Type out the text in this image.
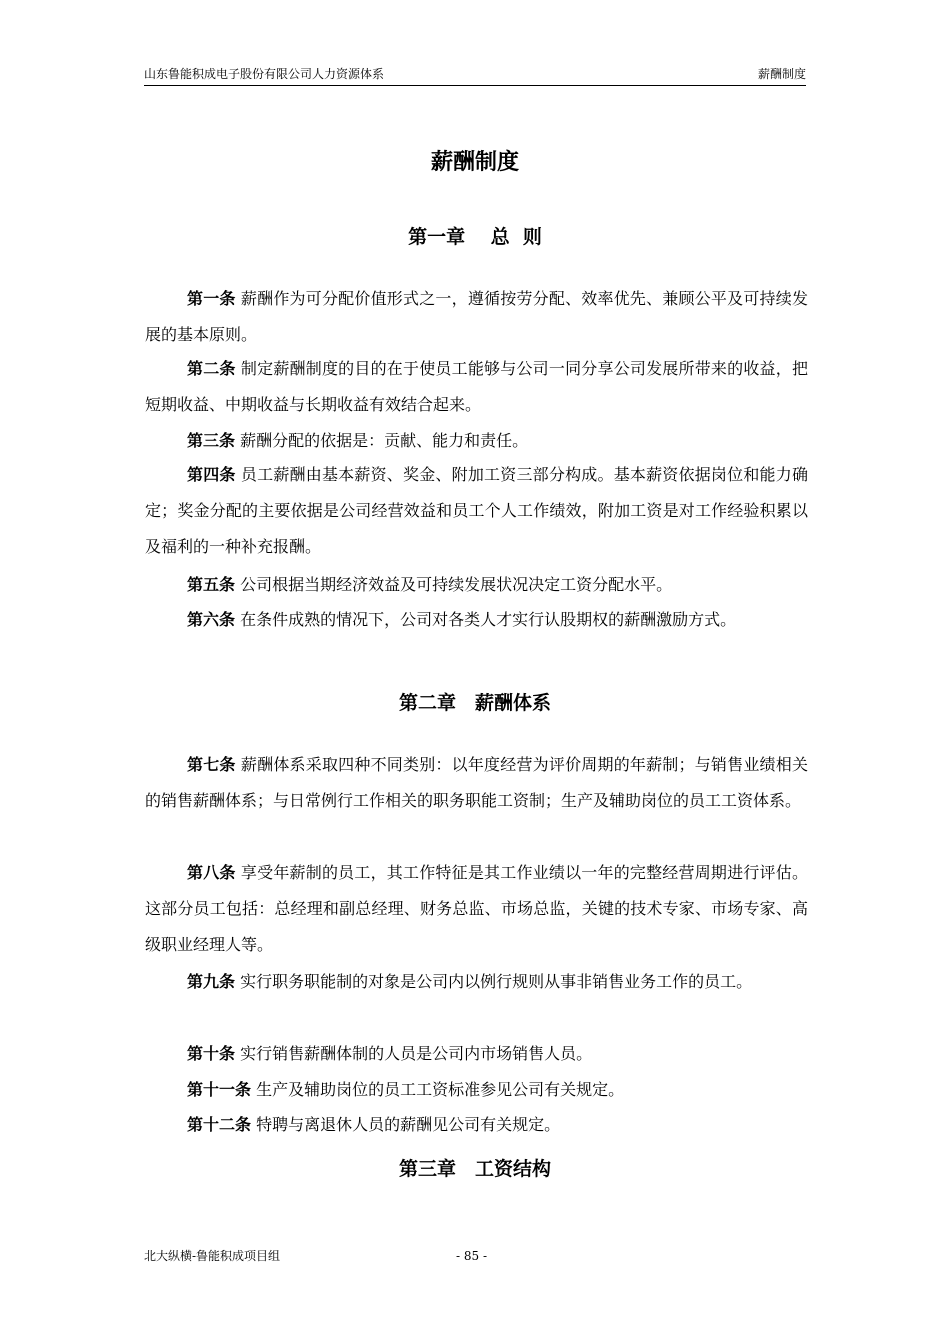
山东鲁能积成电子股份有限公司人力资源体系	薪酬制度
薪酬制度
第一章　 总  则
第一条 薪酬作为可分配价值形式之一，遵循按劳分配、效率优先、兼顾公平及可持续发展的基本原则。
第二条 制定薪酬制度的目的在于使员工能够与公司一同分享公司发展所带来的收益，把短期收益、中期收益与长期收益有效结合起来。
第三条 薪酬分配的依据是：贡献、能力和责任。
第四条 员工薪酬由基本薪资、奖金、附加工资三部分构成。基本薪资依据岗位和能力确定；奖金分配的主要依据是公司经营效益和员工个人工作绩效，附加工资是对工作经验积累以及福利的一种补充报酬。
第五条 公司根据当期经济效益及可持续发展状况决定工资分配水平。
第六条 在条件成熟的情况下，公司对各类人才实行认股期权的薪酬激励方式。
第二章　薪酬体系
第七条 薪酬体系采取四种不同类别：以年度经营为评价周期的年薪制；与销售业绩相关的销售薪酬体系；与日常例行工作相关的职务职能工资制；生产及辅助岗位的员工工资体系。
第八条 享受年薪制的员工，其工作特征是其工作业绩以一年的完整经营周期进行评估。这部分员工包括：总经理和副总经理、财务总监、市场总监，关键的技术专家、市场专家、高级职业经理人等。
第九条 实行职务职能制的对象是公司内以例行规则从事非销售业务工作的员工。
第十条 实行销售薪酬体制的人员是公司内市场销售人员。
第十一条 生产及辅助岗位的员工工资标准参见公司有关规定。
第十二条 特聘与离退休人员的薪酬见公司有关规定。
第三章　工资结构
北大纵横-鲁能积成项目组	- 85 -
